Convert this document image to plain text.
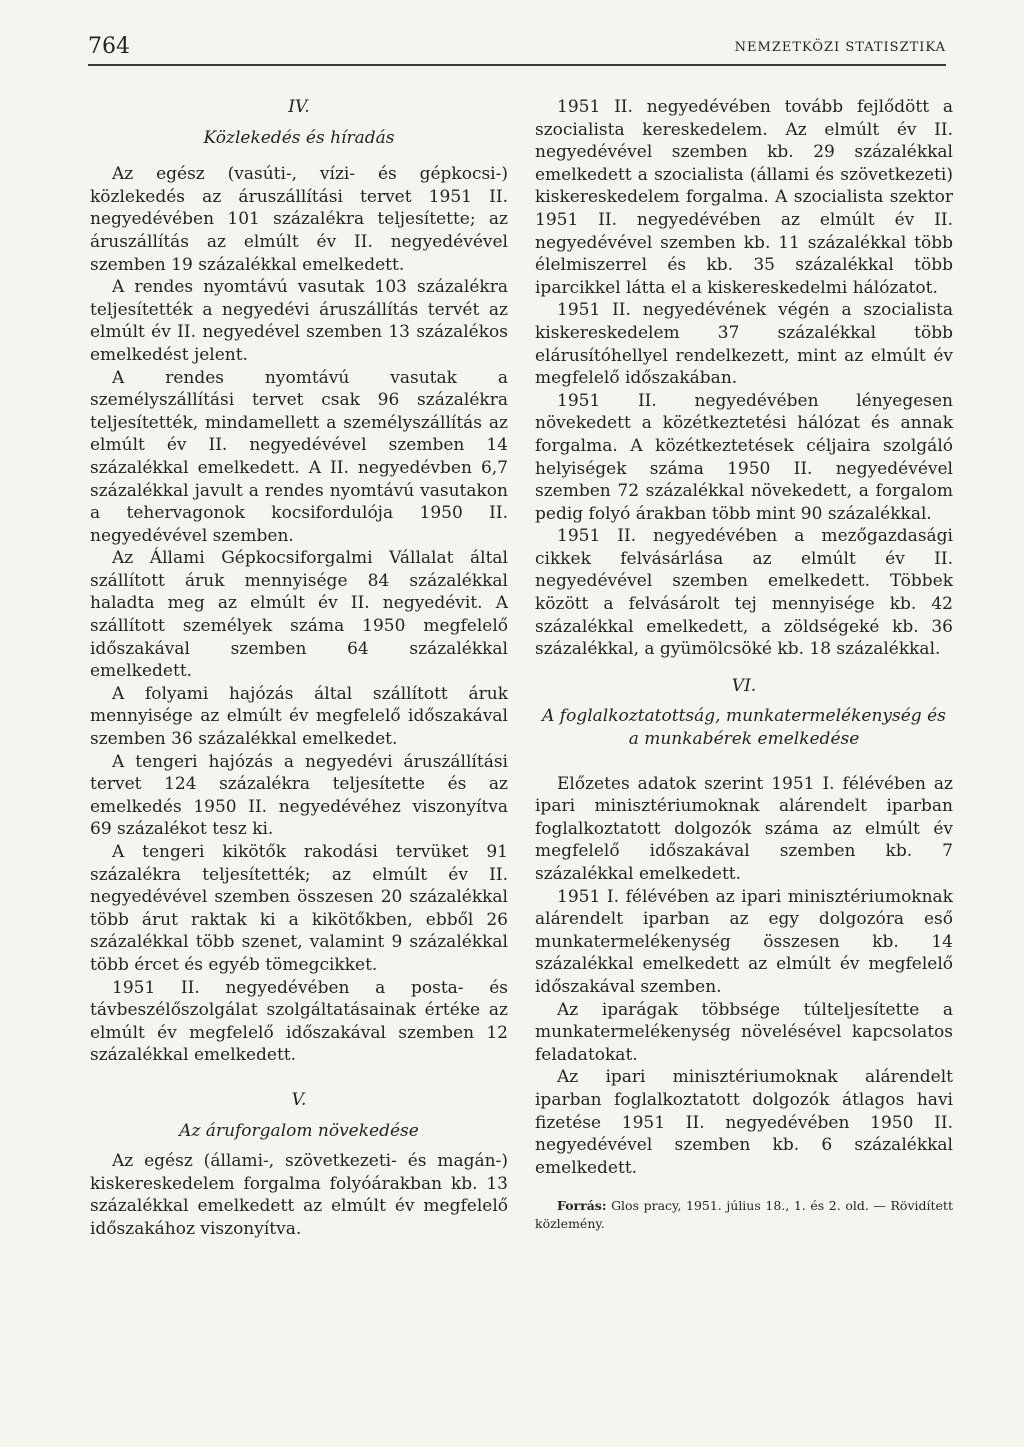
764	NEMZETKÖZI STATISZTIKA
IV.
Közlekedés és híradás

Az egész (vasúti-, vízi- és gépkocsi-) közlekedés az áruszállítási tervet 1951 II. negyedévében 101 százalékra teljesítette; az áruszállítás az elmúlt év II. negyedévével szemben 19 százalékkal emelkedett.

A rendes nyomtávú vasutak 103 százalékra teljesítették a negyedévi áruszállítás tervét az elmúlt év II. negyedével szemben 13 százalékos emelkedést jelent.

A rendes nyomtávú vasutak a személyszállítási tervet csak 96 százalékra teljesítették, mindamellett a személyszállítás az elmúlt év II. negyedévével szemben 14 százalékkal emelkedett. A II. negyedévben 6,7 százalékkal javult a rendes nyomtávú vasutakon a tehervagonok kocsifordulója 1950 II. negyedévével szemben.

Az Állami Gépkocsiforgalmi Vállalat által szállított áruk mennyisége 84 százalékkal haladta meg az elmúlt év II. negyedévit. A szállított személyek száma 1950 megfelelő időszakával szemben 64 százalékkal emelkedett.

A folyami hajózás által szállított áruk mennyisége az elmúlt év megfelelő időszakával szemben 36 százalékkal emelkedet.

A tengeri hajózás a negyedévi áruszállítási tervet 124 százalékra teljesítette és az emelkedés 1950 II. negyedévéhez viszonyítva 69 százalékot tesz ki.

A tengeri kikötők rakodási tervüket 91 százalékra teljesítették; az elmúlt év II. negyedévével szemben összesen 20 százalékkal több árut raktak ki a kikötőkben, ebből 26 százalékkal több szenet, valamint 9 százalékkal több ércet és egyéb tömegcikket.

1951 II. negyedévében a posta- és távbeszélőszolgálat szolgáltatásainak értéke az elmúlt év megfelelő időszakával szemben 12 százalékkal emelkedett.

V.
Az áruforgalom növekedése

Az egész (állami-, szövetkezeti- és magán-) kiskereskedelem forgalma folyóárakban kb. 13 százalékkal emelkedett az elmúlt év megfelelő időszakához viszonyítva.

1951 II. negyedévében tovább fejlődött a szocialista kereskedelem. Az elmúlt év II. negyedévével szemben kb. 29 százalékkal emelkedett a szocialista (állami és szövetkezeti) kiskereskedelem forgalma. A szocialista szektor 1951 II. negyedévében az elmúlt év II. negyedévével szemben kb. 11 százalékkal több élelmiszerrel és kb. 35 százalékkal több iparcikkel látta el a kiskereskedelmi hálózatot.

1951 II. negyedévének végén a szocialista kiskereskedelem 37 százalékkal több elárusítóhellyel rendelkezett, mint az elmúlt év megfelelő időszakában.

1951 II. negyedévében lényegesen növekedett a közétkeztetési hálózat és annak forgalma. A közétkeztetések céljaira szolgáló helyiségek száma 1950 II. negyedévével szemben 72 százalékkal növekedett, a forgalom pedig folyó árakban több mint 90 százalékkal.

1951 II. negyedévében a mezőgazdasági cikkek felvásárlása az elmúlt év II. negyedévével szemben emelkedett. Többek között a felvásárolt tej mennyisége kb. 42 százalékkal emelkedett, a zöldségeké kb. 36 százalékkal, a gyümölcsöké kb. 18 százalékkal.

VI.
A foglalkoztatottság, munkatermelékenység és a munkabérek emelkedése

Előzetes adatok szerint 1951 I. félévében az ipari minisztériumoknak alárendelt iparban foglalkoztatott dolgozók száma az elmúlt év megfelelő időszakával szemben kb. 7 százalékkal emelkedett.

1951 I. félévében az ipari minisztériumoknak alárendelt iparban az egy dolgozóra eső munkatermelékenység összesen kb. 14 százalékkal emelkedett az elmúlt év megfelelő időszakával szemben.

Az iparágak többsége túlteljesítette a munkatermelékenység növelésével kapcsolatos feladatokat.

Az ipari minisztériumoknak alárendelt iparban foglalkoztatott dolgozók átlagos havi fizetése 1951 II. negyedévében 1950 II. negyedévével szemben kb. 6 százalékkal emelkedett.

Forrás: Glos pracy, 1951. július 18., 1. és 2. old. — Rövidített közlemény.
